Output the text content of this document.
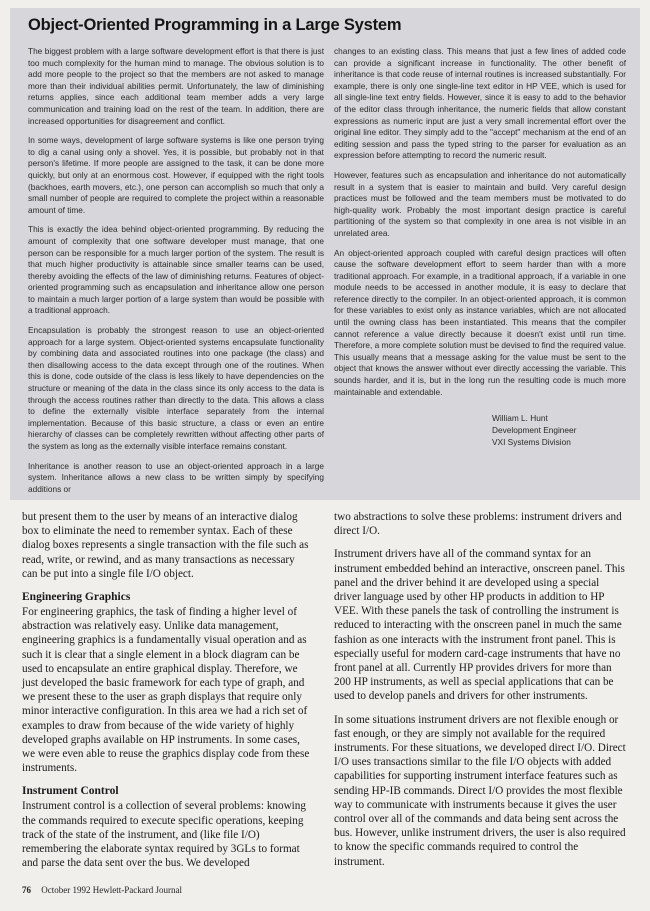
Object-Oriented Programming in a Large System

The biggest problem with a large software development effort is that there is just too much complexity for the human mind to manage. The obvious solution is to add more people to the project so that the members are not asked to manage more than their individual abilities permit. Unfortunately, the law of diminishing returns applies, since each additional team member adds a very large communication and training load on the rest of the team. In addition, there are increased opportunities for disagreement and conflict.

In some ways, development of large software systems is like one person trying to dig a canal using only a shovel. Yes, it is possible, but probably not in that person's lifetime. If more people are assigned to the task, it can be done more quickly, but only at an enormous cost. However, if equipped with the right tools (backhoes, earth movers, etc.), one person can accomplish so much that only a small number of people are required to complete the project within a reasonable amount of time.

This is exactly the idea behind object-oriented programming. By reducing the amount of complexity that one software developer must manage, that one person can be responsible for a much larger portion of the system. The result is that much higher productivity is attainable since smaller teams can be used, thereby avoiding the effects of the law of diminishing returns. Features of object-oriented programming such as encapsulation and inheritance allow one person to maintain a much larger portion of a large system than would be possible with a traditional approach.

Encapsulation is probably the strongest reason to use an object-oriented approach for a large system. Object-oriented systems encapsulate functionality by combining data and associated routines into one package (the class) and then disallowing access to the data except through one of the routines. When this is done, code outside of the class is less likely to have dependencies on the structure or meaning of the data in the class since its only access to the data is through the access routines rather than directly to the data. This allows a class to define the externally visible interface separately from the internal implementation. Because of this basic structure, a class or even an entire hierarchy of classes can be completely rewritten without affecting other parts of the system as long as the externally visible interface remains constant.

Inheritance is another reason to use an object-oriented approach in a large system. Inheritance allows a new class to be written simply by specifying additions or

changes to an existing class. This means that just a few lines of added code can provide a significant increase in functionality. The other benefit of inheritance is that code reuse of internal routines is increased substantially. For example, there is only one single-line text editor in HP VEE, which is used for all single-line text entry fields. However, since it is easy to add to the behavior of the editor class through inheritance, the numeric fields that allow constant expressions as numeric input are just a very small incremental effort over the original line editor. They simply add to the "accept" mechanism at the end of an editing session and pass the typed string to the parser for evaluation as an expression before attempting to record the numeric result.

However, features such as encapsulation and inheritance do not automatically result in a system that is easier to maintain and build. Very careful design practices must be followed and the team members must be motivated to do high-quality work. Probably the most important design practice is careful partitioning of the system so that complexity in one area is not visible in an unrelated area.

An object-oriented approach coupled with careful design practices will often cause the software development effort to seem harder than with a more traditional approach. For example, in a traditional approach, if a variable in one module needs to be accessed in another module, it is easy to declare that reference directly to the compiler. In an object-oriented approach, it is common for these variables to exist only as instance variables, which are not allocated until the owning class has been instantiated. This means that the compiler cannot reference a value directly because it doesn't exist until run time. Therefore, a more complete solution must be devised to find the required value. This usually means that a message asking for the value must be sent to the object that knows the answer without ever directly accessing the variable. This sounds harder, and it is, but in the long run the resulting code is much more maintainable and extendable.

William L. Hunt
Development Engineer
VXI Systems Division

but present them to the user by means of an interactive dialog box to eliminate the need to remember syntax. Each of these dialog boxes represents a single transaction with the file such as read, write, or rewind, and as many transactions as necessary can be put into a single file I/O object.

Engineering Graphics

For engineering graphics, the task of finding a higher level of abstraction was relatively easy. Unlike data management, engineering graphics is a fundamentally visual operation and as such it is clear that a single element in a block diagram can be used to encapsulate an entire graphical display. Therefore, we just developed the basic framework for each type of graph, and we present these to the user as graph displays that require only minor interactive configuration. In this area we had a rich set of examples to draw from because of the wide variety of highly developed graphs available on HP instruments. In some cases, we were even able to reuse the graphics display code from these instruments.

Instrument Control

Instrument control is a collection of several problems: knowing the commands required to execute specific operations, keeping track of the state of the instrument, and (like file I/O) remembering the elaborate syntax required by 3GLs to format and parse the data sent over the bus. We developed

two abstractions to solve these problems: instrument drivers and direct I/O.

Instrument drivers have all of the command syntax for an instrument embedded behind an interactive, onscreen panel. This panel and the driver behind it are developed using a special driver language used by other HP products in addition to HP VEE. With these panels the task of controlling the instrument is reduced to interacting with the onscreen panel in much the same fashion as one interacts with the instrument front panel. This is especially useful for modern card-cage instruments that have no front panel at all. Currently HP provides drivers for more than 200 HP instruments, as well as special applications that can be used to develop panels and drivers for other instruments.

In some situations instrument drivers are not flexible enough or fast enough, or they are simply not available for the required instruments. For these situations, we developed direct I/O. Direct I/O uses transactions similar to the file I/O objects with added capabilities for supporting instrument interface features such as sending HP-IB commands. Direct I/O provides the most flexible way to communicate with instruments because it gives the user control over all of the commands and data being sent across the bus. However, unlike instrument drivers, the user is also required to know the specific commands required to control the instrument.

76 October 1992 Hewlett-Packard Journal
